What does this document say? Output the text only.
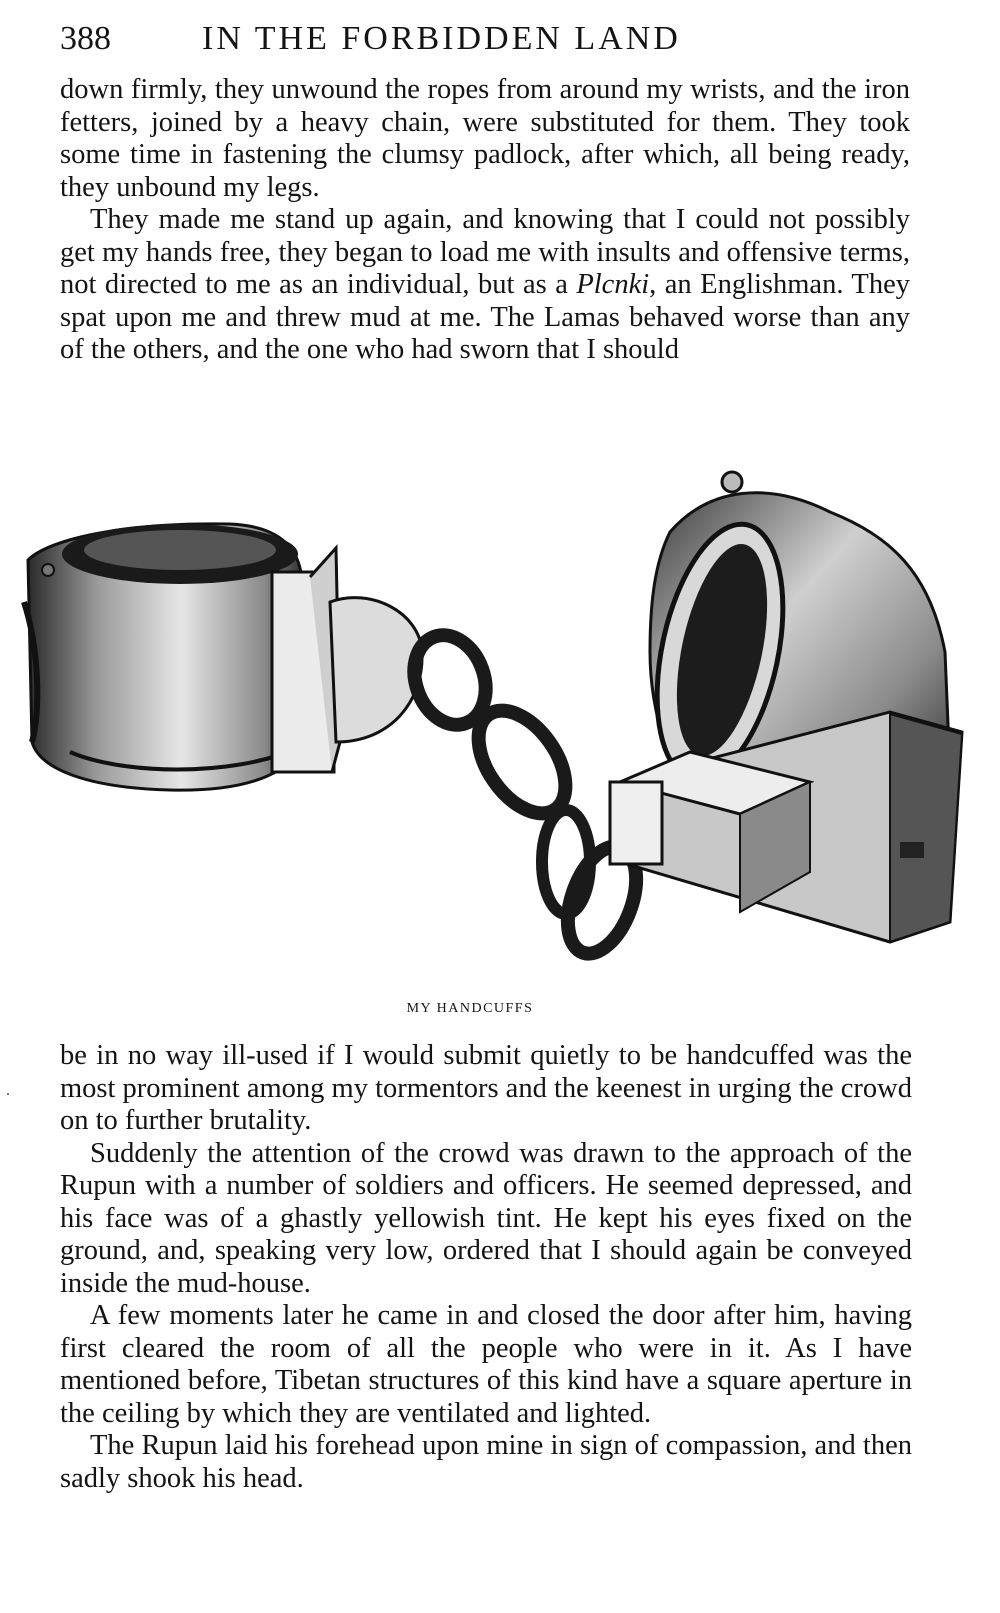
388	IN THE FORBIDDEN LAND

down firmly, they unwound the ropes from around my wrists, and the iron fetters, joined by a heavy chain, were substituted for them. They took some time in fastening the clumsy padlock, after which, all being ready, they unbound my legs.

They made me stand up again, and knowing that I could not possibly get my hands free, they began to load me with insults and offensive terms, not directed to me as an individual, but as a Plcnki, an Englishman. They spat upon me and threw mud at me. The Lamas behaved worse than any of the others, and the one who had sworn that I should

MY HANDCUFFS

be in no way ill-used if I would submit quietly to be handcuffed was the most prominent among my tormentors and the keenest in urging the crowd on to further brutality.

Suddenly the attention of the crowd was drawn to the approach of the Rupun with a number of soldiers and officers. He seemed depressed, and his face was of a ghastly yellowish tint. He kept his eyes fixed on the ground, and, speaking very low, ordered that I should again be conveyed inside the mud-house.

A few moments later he came in and closed the door after him, having first cleared the room of all the people who were in it. As I have mentioned before, Tibetan structures of this kind have a square aperture in the ceiling by which they are ventilated and lighted.

The Rupun laid his forehead upon mine in sign of compassion, and then sadly shook his head.
